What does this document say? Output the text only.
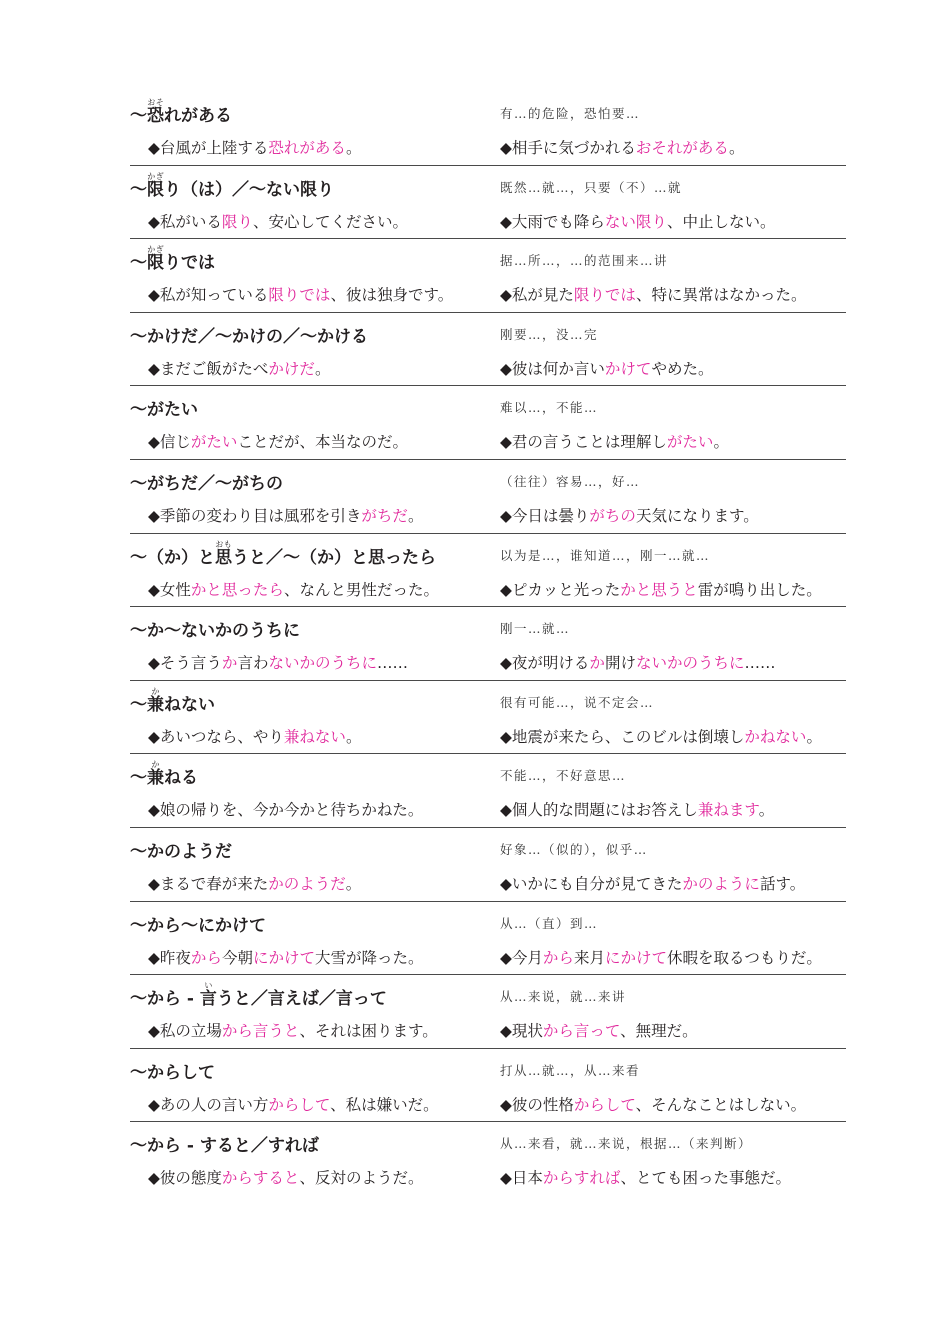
～恐おそれがある	有…的危险，恐怕要…
◆台風が上陸する恐れがある。	◆相手に気づかれるおそれがある。
～限かぎり（は）／～ない限り	既然…就…，只要（不）…就
◆私がいる限り、安心してください。	◆大雨でも降らない限り、中止しない。
～限かぎりでは	据…所…，…的范围来…讲
◆私が知っている限りでは、彼は独身です。	◆私が見た限りでは、特に異常はなかった。
～かけだ／～かけの／～かける	刚要…，没…完
◆まだご飯がたべかけだ。	◆彼は何か言いかけてやめた。
～がたい	难以…，不能…
◆信じがたいことだが、本当なのだ。	◆君の言うことは理解しがたい。
～がちだ／～がちの	（往往）容易…，好…
◆季節の変わり目は風邪を引きがちだ。	◆今日は曇りがちの天気になります。
～（か）と思おもうと／～（か）と思ったら	以为是…，谁知道…，刚一…就…
◆女性かと思ったら、なんと男性だった。	◆ピカッと光ったかと思うと雷が鳴り出した。
～か～ないかのうちに	刚一…就…
◆そう言うか言わないかのうちに……	◆夜が明けるか開けないかのうちに……
～兼かねない	很有可能…，说不定会…
◆あいつなら、やり兼ねない。	◆地震が来たら、このビルは倒壊しかねない。
～兼かねる	不能…，不好意思…
◆娘の帰りを、今か今かと待ちかねた。	◆個人的な問題にはお答えし兼ねます。
～かのようだ	好象…（似的），似乎…
◆まるで春が来たかのようだ。	◆いかにも自分が見てきたかのように話す。
～から～にかけて	从…（直）到…
◆昨夜から今朝にかけて大雪が降った。	◆今月から来月にかけて休暇を取るつもりだ。
～から - 言いうと／言えば／言って	从…来说，就…来讲
◆私の立場から言うと、それは困ります。	◆現状から言って、無理だ。
～からして	打从…就…，从…来看
◆あの人の言い方からして、私は嫌いだ。	◆彼の性格からして、そんなことはしない。
～から - すると／すれば	从…来看，就…来说，根据…（来判断）
◆彼の態度からすると、反対のようだ。	◆日本からすれば、とても困った事態だ。
